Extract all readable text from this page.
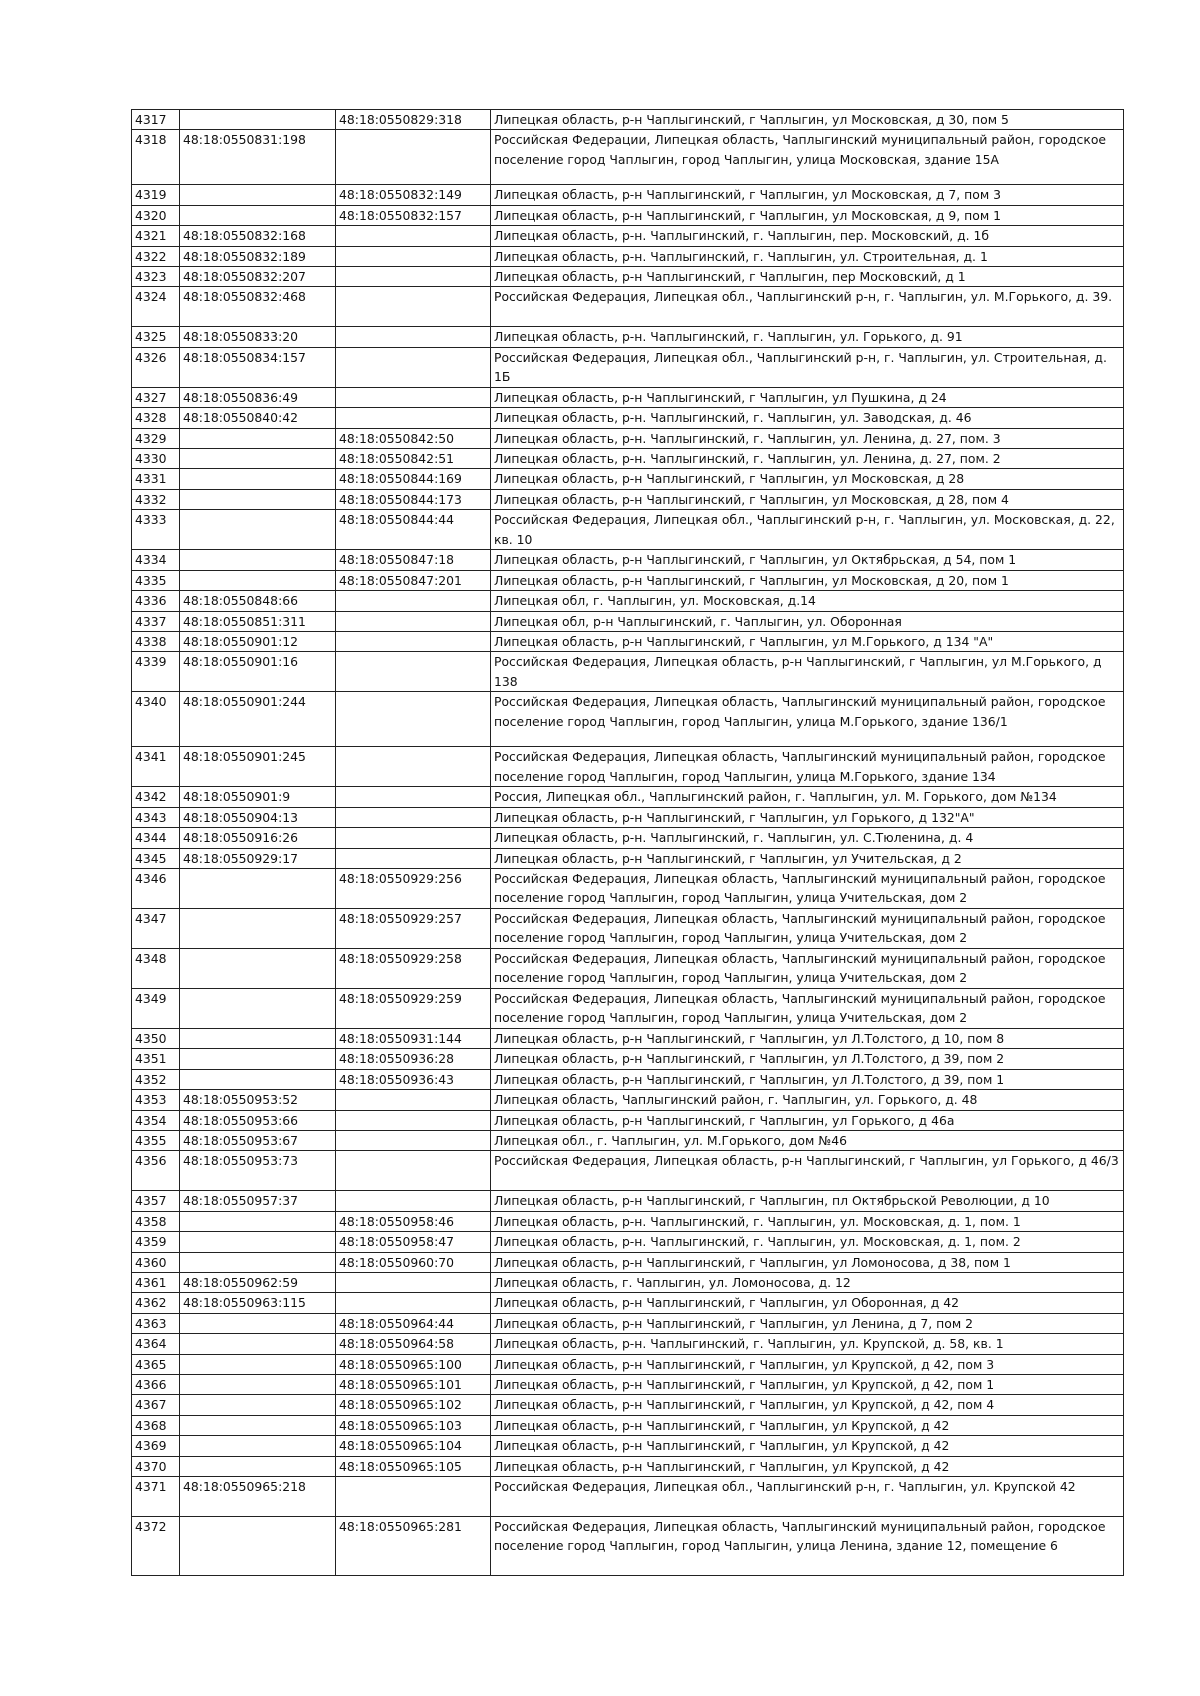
4317		48:18:0550829:318	Липецкая область, р-н Чаплыгинский, г Чаплыгин, ул Московская, д 30, пом 5
4318	48:18:0550831:198		Российская Федерации, Липецкая область, Чаплыгинский муниципальный район, городское поселение город Чаплыгин, город Чаплыгин, улица Московская, здание 15А
4319		48:18:0550832:149	Липецкая область, р-н Чаплыгинский, г Чаплыгин, ул Московская, д 7, пом 3
4320		48:18:0550832:157	Липецкая область, р-н Чаплыгинский, г Чаплыгин, ул Московская, д 9, пом 1
4321	48:18:0550832:168		Липецкая область, р-н. Чаплыгинский, г. Чаплыгин, пер. Московский, д. 1б
4322	48:18:0550832:189		Липецкая область, р-н. Чаплыгинский, г. Чаплыгин, ул. Строительная, д. 1
4323	48:18:0550832:207		Липецкая область, р-н Чаплыгинский, г Чаплыгин, пер Московский, д 1
4324	48:18:0550832:468		Российская Федерация, Липецкая обл., Чаплыгинский р-н, г. Чаплыгин, ул. М.Горького, д. 39.
4325	48:18:0550833:20		Липецкая область, р-н. Чаплыгинский, г. Чаплыгин, ул. Горького, д. 91
4326	48:18:0550834:157		Российская Федерация, Липецкая обл., Чаплыгинский р-н, г. Чаплыгин, ул. Строительная, д. 1Б
4327	48:18:0550836:49		Липецкая область, р-н Чаплыгинский, г Чаплыгин, ул Пушкина, д 24
4328	48:18:0550840:42		Липецкая область, р-н. Чаплыгинский, г. Чаплыгин, ул. Заводская, д. 46
4329		48:18:0550842:50	Липецкая область, р-н. Чаплыгинский, г. Чаплыгин, ул. Ленина, д. 27, пом. 3
4330		48:18:0550842:51	Липецкая область, р-н. Чаплыгинский, г. Чаплыгин, ул. Ленина, д. 27, пом. 2
4331		48:18:0550844:169	Липецкая область, р-н Чаплыгинский, г Чаплыгин, ул Московская, д 28
4332		48:18:0550844:173	Липецкая область, р-н Чаплыгинский, г Чаплыгин, ул Московская, д 28, пом 4
4333		48:18:0550844:44	Российская Федерация, Липецкая обл., Чаплыгинский р-н, г. Чаплыгин, ул. Московская, д. 22, кв. 10
4334		48:18:0550847:18	Липецкая область, р-н Чаплыгинский, г Чаплыгин, ул Октябрьская, д 54, пом 1
4335		48:18:0550847:201	Липецкая область, р-н Чаплыгинский, г Чаплыгин, ул Московская, д 20, пом 1
4336	48:18:0550848:66		Липецкая обл, г. Чаплыгин, ул. Московская, д.14
4337	48:18:0550851:311		Липецкая обл, р-н Чаплыгинский, г. Чаплыгин, ул. Оборонная
4338	48:18:0550901:12		Липецкая область, р-н Чаплыгинский, г Чаплыгин, ул М.Горького, д 134 "А"
4339	48:18:0550901:16		Российская Федерация, Липецкая область, р-н Чаплыгинский, г Чаплыгин, ул М.Горького, д 138
4340	48:18:0550901:244		Российская Федерация, Липецкая область, Чаплыгинский муниципальный район, городское поселение город Чаплыгин, город Чаплыгин, улица М.Горького, здание 136/1
4341	48:18:0550901:245		Российская Федерация, Липецкая область, Чаплыгинский муниципальный район, городское поселение город Чаплыгин, город Чаплыгин, улица М.Горького, здание 134
4342	48:18:0550901:9		Россия, Липецкая обл., Чаплыгинский район, г. Чаплыгин, ул. М. Горького, дом №134
4343	48:18:0550904:13		Липецкая область, р-н Чаплыгинский, г Чаплыгин, ул Горького, д 132"А"
4344	48:18:0550916:26		Липецкая область, р-н. Чаплыгинский, г. Чаплыгин, ул. С.Тюленина, д. 4
4345	48:18:0550929:17		Липецкая область, р-н Чаплыгинский, г Чаплыгин, ул Учительская, д 2
4346		48:18:0550929:256	Российская Федерация, Липецкая область, Чаплыгинский муниципальный район, городское поселение город Чаплыгин, город Чаплыгин, улица Учительская, дом 2
4347		48:18:0550929:257	Российская Федерация, Липецкая область, Чаплыгинский муниципальный район, городское поселение город Чаплыгин, город Чаплыгин, улица Учительская, дом 2
4348		48:18:0550929:258	Российская Федерация, Липецкая область, Чаплыгинский муниципальный район, городское поселение город Чаплыгин, город Чаплыгин, улица Учительская, дом 2
4349		48:18:0550929:259	Российская Федерация, Липецкая область, Чаплыгинский муниципальный район, городское поселение город Чаплыгин, город Чаплыгин, улица Учительская, дом 2
4350		48:18:0550931:144	Липецкая область, р-н Чаплыгинский, г Чаплыгин, ул Л.Толстого, д 10, пом 8
4351		48:18:0550936:28	Липецкая область, р-н Чаплыгинский, г Чаплыгин, ул Л.Толстого, д 39, пом 2
4352		48:18:0550936:43	Липецкая область, р-н Чаплыгинский, г Чаплыгин, ул Л.Толстого, д 39, пом 1
4353	48:18:0550953:52		Липецкая область, Чаплыгинский район, г. Чаплыгин, ул. Горького, д. 48
4354	48:18:0550953:66		Липецкая область, р-н Чаплыгинский, г Чаплыгин, ул Горького, д 46а
4355	48:18:0550953:67		Липецкая обл., г. Чаплыгин, ул. М.Горького, дом №46
4356	48:18:0550953:73		Российская Федерация, Липецкая область, р-н Чаплыгинский, г Чаплыгин, ул Горького, д 46/3
4357	48:18:0550957:37		Липецкая область, р-н Чаплыгинский, г Чаплыгин, пл Октябрьской Революции, д 10
4358		48:18:0550958:46	Липецкая область, р-н. Чаплыгинский, г. Чаплыгин, ул. Московская, д. 1, пом. 1
4359		48:18:0550958:47	Липецкая область, р-н. Чаплыгинский, г. Чаплыгин, ул. Московская, д. 1, пом. 2
4360		48:18:0550960:70	Липецкая область, р-н Чаплыгинский, г Чаплыгин, ул Ломоносова, д 38, пом 1
4361	48:18:0550962:59		Липецкая область, г. Чаплыгин, ул. Ломоносова, д. 12
4362	48:18:0550963:115		Липецкая область, р-н Чаплыгинский, г Чаплыгин, ул Оборонная, д 42
4363		48:18:0550964:44	Липецкая область, р-н Чаплыгинский, г Чаплыгин, ул Ленина, д 7, пом 2
4364		48:18:0550964:58	Липецкая область, р-н. Чаплыгинский, г. Чаплыгин, ул. Крупской, д. 58, кв. 1
4365		48:18:0550965:100	Липецкая область, р-н Чаплыгинский, г Чаплыгин, ул Крупской, д 42, пом 3
4366		48:18:0550965:101	Липецкая область, р-н Чаплыгинский, г Чаплыгин, ул Крупской, д 42, пом 1
4367		48:18:0550965:102	Липецкая область, р-н Чаплыгинский, г Чаплыгин, ул Крупской, д 42, пом 4
4368		48:18:0550965:103	Липецкая область, р-н Чаплыгинский, г Чаплыгин, ул Крупской, д 42
4369		48:18:0550965:104	Липецкая область, р-н Чаплыгинский, г Чаплыгин, ул Крупской, д 42
4370		48:18:0550965:105	Липецкая область, р-н Чаплыгинский, г Чаплыгин, ул Крупской, д 42
4371	48:18:0550965:218		Российская Федерация, Липецкая обл., Чаплыгинский р-н, г. Чаплыгин, ул. Крупской 42
4372		48:18:0550965:281	Российская Федерация, Липецкая область, Чаплыгинский муниципальный район, городское поселение город Чаплыгин, город Чаплыгин, улица Ленина, здание 12, помещение 6
